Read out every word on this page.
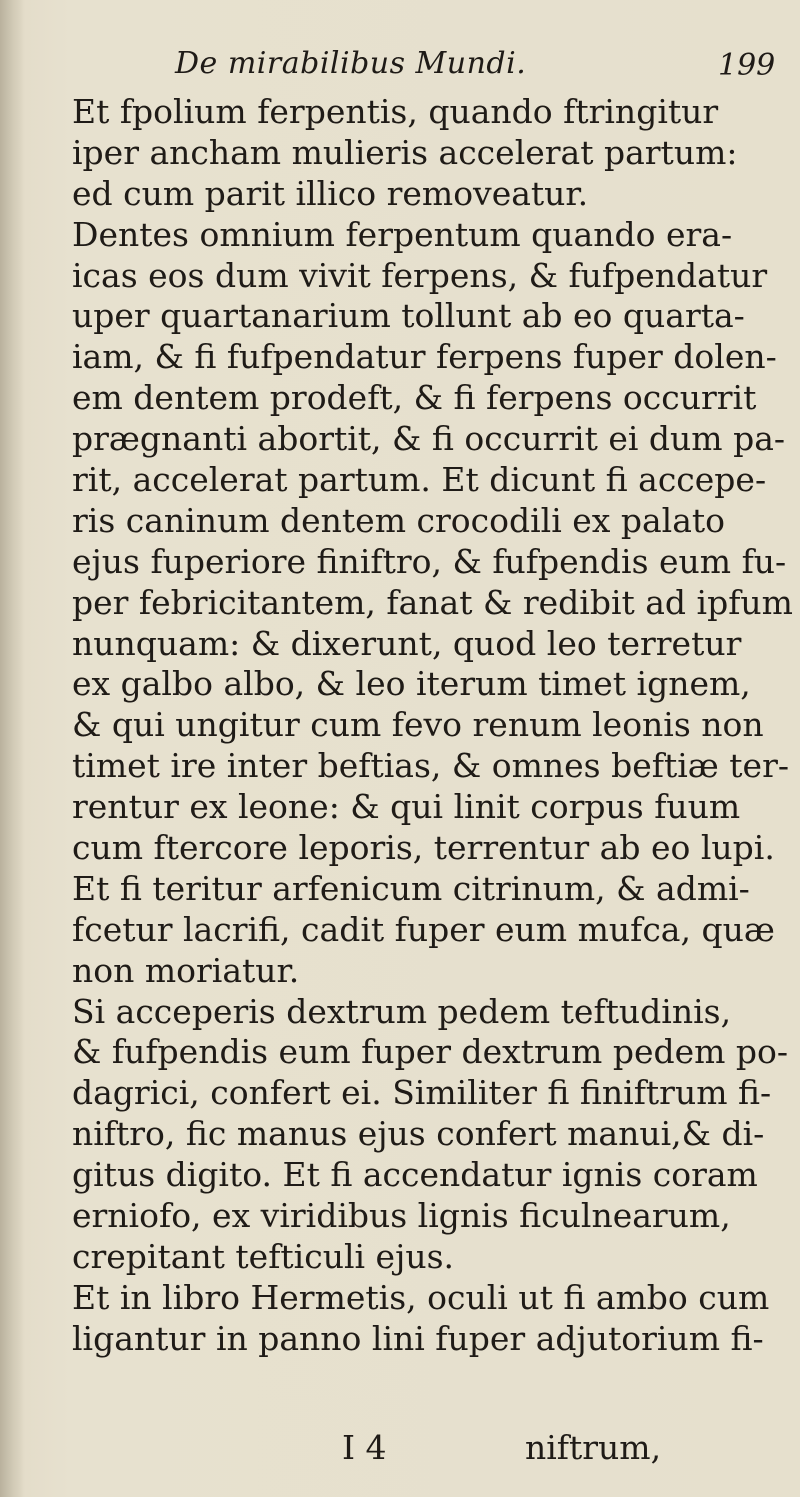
De mirabilibus Mundi.	199
Et fpolium ferpentis, quando ftringitur
iper ancham mulieris accelerat partum:
ed cum parit illico removeatur.
Dentes omnium ferpentum quando era-
icas eos dum vivit ferpens, & fufpendatur
uper quartanarium tollunt ab eo quarta-
iam, & fi fufpendatur ferpens fuper dolen-
em dentem prodeft, & fi ferpens occurrit
prægnanti abortit, & fi occurrit ei dum pa-
rit, accelerat partum. Et dicunt fi accepe-
ris caninum dentem crocodili ex palato
ejus fuperiore finiftro, & fufpendis eum fu-
per febricitantem, fanat & redibit ad ipfum
nunquam: & dixerunt, quod leo terretur
ex galbo albo, & leo iterum timet ignem,
& qui ungitur cum fevo renum leonis non
timet ire inter beftias, & omnes beftiæ ter-
rentur ex leone: & qui linit corpus fuum
cum ftercore leporis, terrentur ab eo lupi.
Et fi teritur arfenicum citrinum, & admi-
fcetur lacrifi, cadit fuper eum mufca, quæ
non moriatur.
Si acceperis dextrum pedem teftudinis,
& fufpendis eum fuper dextrum pedem po-
dagrici, confert ei. Similiter fi finiftrum fi-
niftro, fic manus ejus confert manui,& di-
gitus digito. Et fi accendatur ignis coram
erniofo, ex viridibus lignis ficulnearum,
crepitant tefticuli ejus.
Et in libro Hermetis, oculi ut fi ambo cum
ligantur in panno lini fuper adjutorium fi-
I 4	niftrum,
